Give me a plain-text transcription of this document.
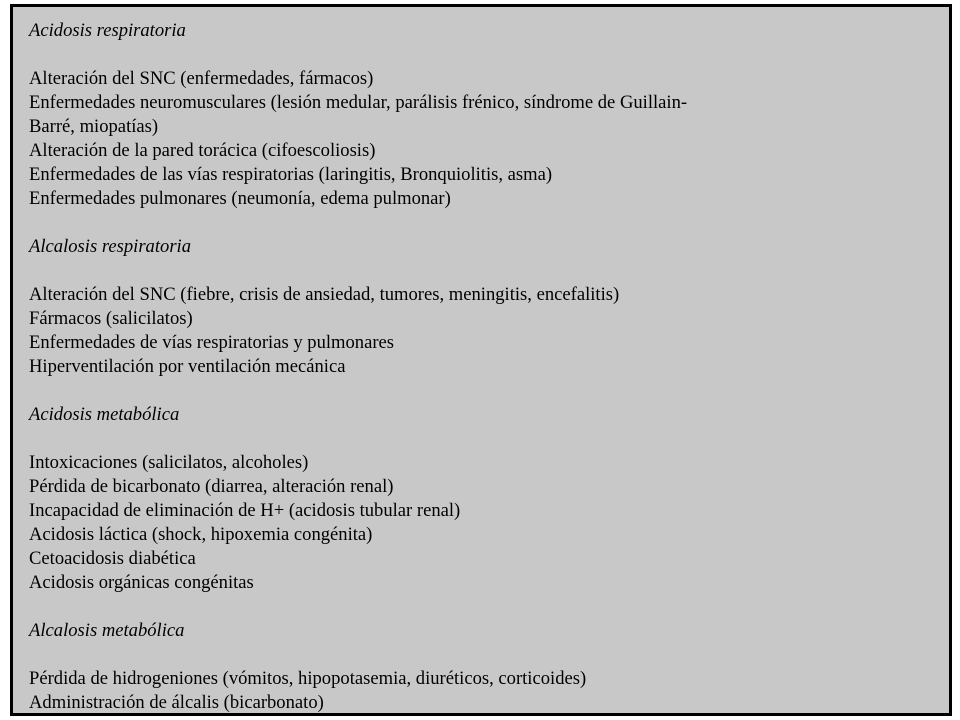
Acidosis respiratoria

Alteración del SNC (enfermedades, fármacos)

Enfermedades neuromusculares (lesión medular, parálisis frénico, síndrome de Guillain-

Barré, miopatías)

Alteración de la pared torácica (cifoescoliosis)

Enfermedades de las vías respiratorias (laringitis, Bronquiolitis, asma)

Enfermedades pulmonares (neumonía, edema pulmonar)

Alcalosis respiratoria

Alteración del SNC (fiebre, crisis de ansiedad, tumores, meningitis, encefalitis)

Fármacos (salicilatos)

Enfermedades de vías respiratorias y pulmonares

Hiperventilación por ventilación mecánica

Acidosis metabólica

Intoxicaciones (salicilatos, alcoholes)

Pérdida de bicarbonato (diarrea, alteración renal)

Incapacidad de eliminación de H+ (acidosis tubular renal)

Acidosis láctica (shock, hipoxemia congénita)

Cetoacidosis diabética

Acidosis orgánicas congénitas

Alcalosis metabólica

Pérdida de hidrogeniones (vómitos, hipopotasemia, diuréticos, corticoides)

Administración de álcalis (bicarbonato)
